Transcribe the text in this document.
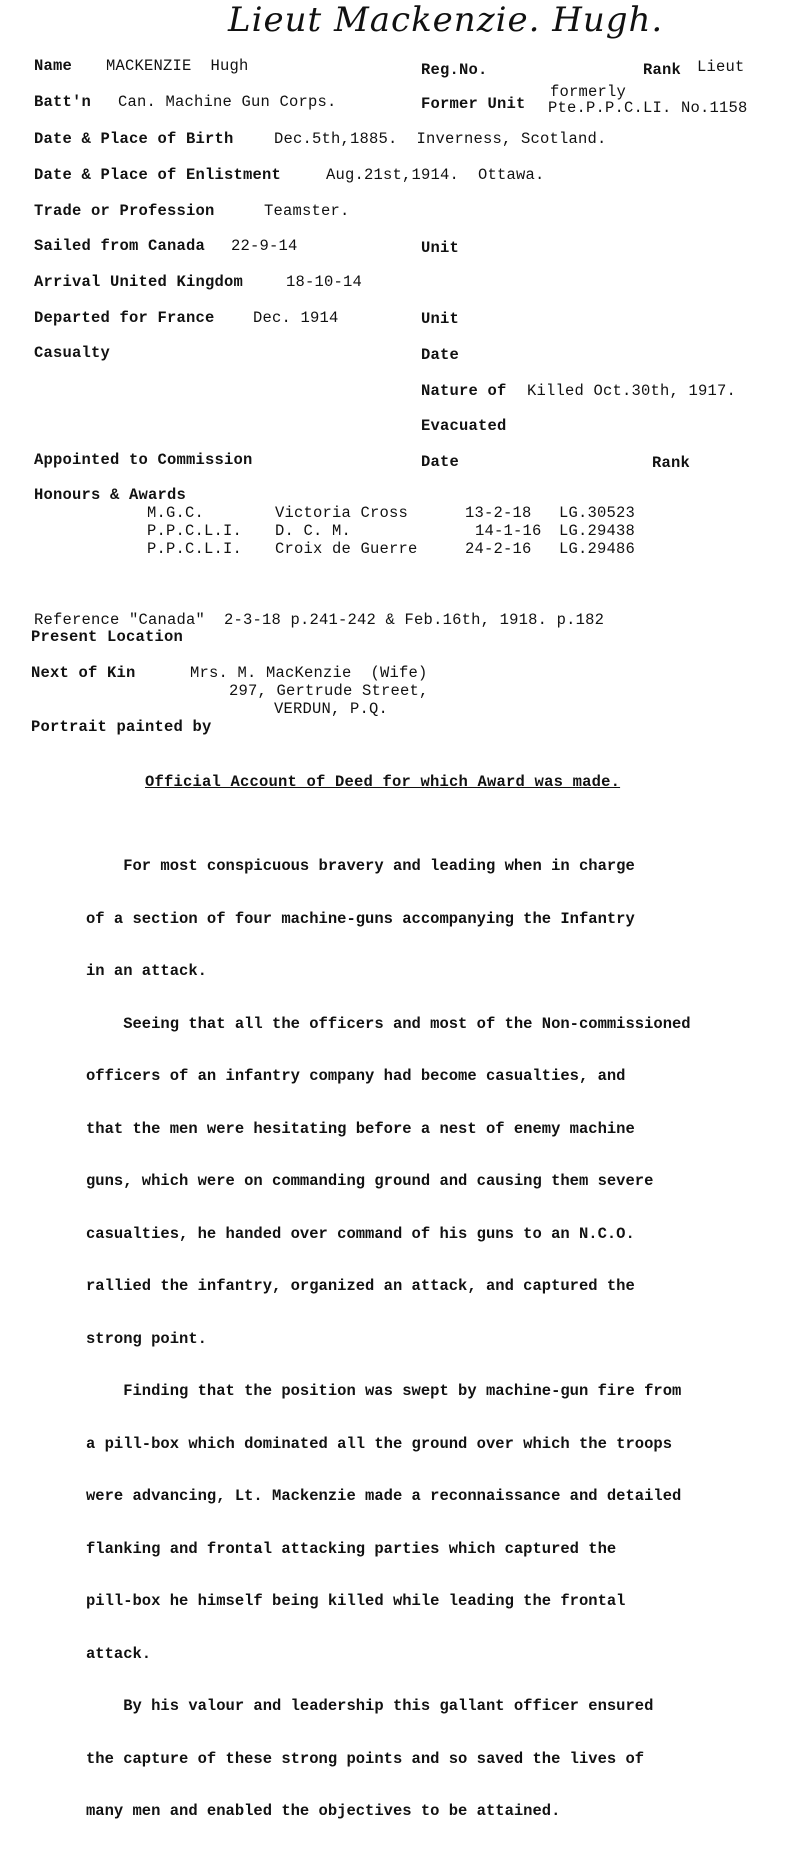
Lieut Mackenzie. Hugh.
Name MACKENZIE  Hugh	Reg.No.	Rank Lieut
Batt'n Can. Machine Gun Corps.	Former Unit
formerly
Pte.P.P.C.LI. No.1158
Date & Place of Birth	Dec.5th,1885.  Inverness, Scotland.
Date & Place of Enlistment	Aug.21st,1914.  Ottawa.
Trade or Profession	Teamster.
Sailed from Canada 22-9-14	Unit
Arrival United Kingdom	18-10-14
Departed for France Dec. 1914	Unit
Casualty	Date
Nature of Killed Oct.30th, 1917.
Evacuated
Appointed to Commission	Date	Rank
Honours & Awards
M.G.C.	Victoria Cross	13-2-18 LG.30523
P.P.C.L.I. D. C. M.	14-1-16 LG.29438
P.P.C.L.I. Croix de Guerre	24-2-16 LG.29486
Reference "Canada"  2-3-18 p.241-242 & Feb.16th, 1918. p.182
Present Location
Next of Kin	Mrs. M. MacKenzie  (Wife)
297, Gertrude Street,
VERDUN, P.Q.
Portrait painted by
Official Account of Deed for which Award was made.

For most conspicuous bravery and leading when in charge

of a section of four machine-guns accompanying the Infantry

in an attack.

Seeing that all the officers and most of the Non-commissioned

officers of an infantry company had become casualties, and

that the men were hesitating before a nest of enemy machine

guns, which were on commanding ground and causing them severe

casualties, he handed over command of his guns to an N.C.O.

rallied the infantry, organized an attack, and captured the

strong point.

Finding that the position was swept by machine-gun fire from

a pill-box which dominated all the ground over which the troops

were advancing, Lt. Mackenzie made a reconnaissance and detailed

flanking and frontal attacking parties which captured the

pill-box he himself being killed while leading the frontal

attack.

By his valour and leadership this gallant officer ensured

the capture of these strong points and so saved the lives of

many men and enabled the objectives to be attained.
